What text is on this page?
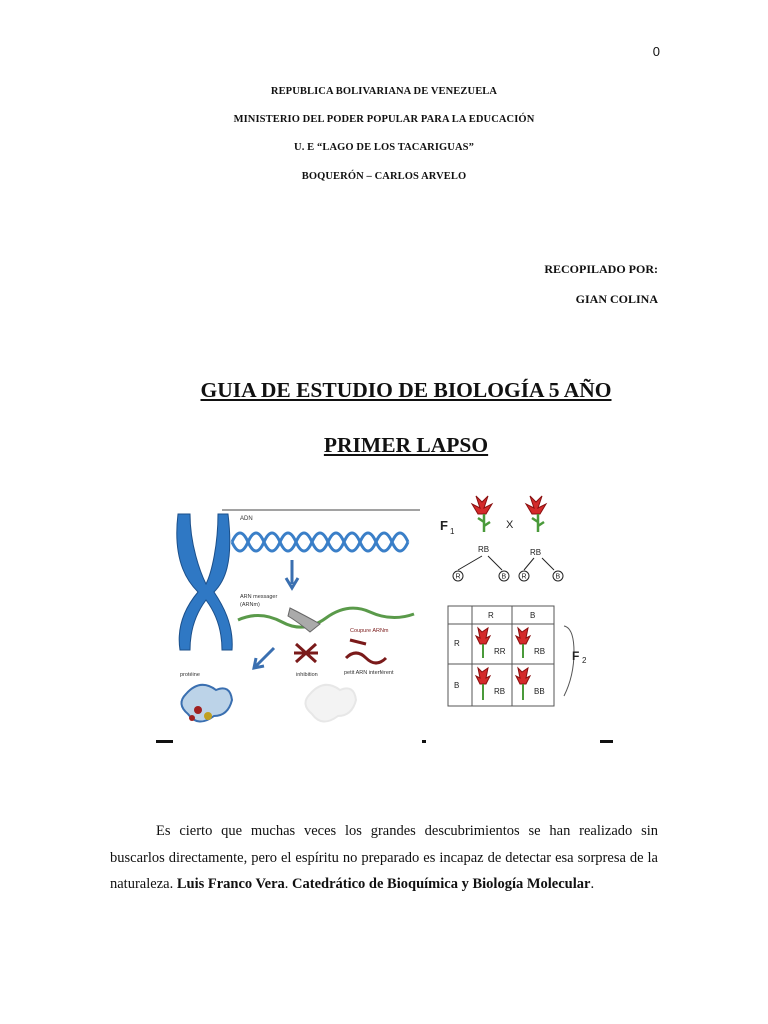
0
REPUBLICA BOLIVARIANA DE VENEZUELA
MINISTERIO DEL PODER POPULAR PARA LA EDUCACIÓN
U. E “LAGO DE LOS TACARIGUAS”
BOQUERÓN – CARLOS ARVELO
RECOPILADO POR:
GIAN COLINA
GUIA DE ESTUDIO DE BIOLOGÍA 5 AÑO
PRIMER LAPSO
ADN
ARN messager
(ARNm)
Coupure ARNm
protéine	inhibition	petit ARN interférent
F 1
X
RB	RB
R	B R	B
R	B
R
B
RR	RB
RB	BB
F 2

Es cierto que muchas veces los grandes descubrimientos se han realizado sin buscarlos directamente, pero el espíritu no preparado es incapaz de detectar esa sorpresa de la naturaleza. Luis Franco Vera. Catedrático de Bioquímica y Biología Molecular.
